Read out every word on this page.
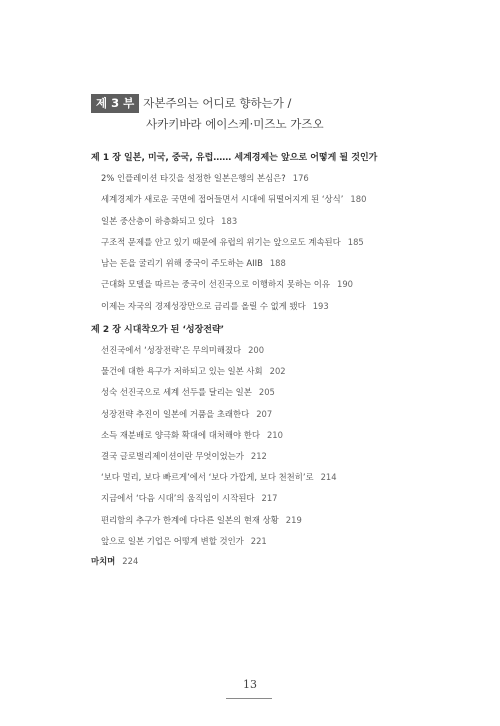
제 3 부 자본주의는 어디로 향하는가 /
사카키바라 에이스케·미즈노 가즈오
제 1 장 일본, 미국, 중국, 유럽…… 세계경제는 앞으로 어떻게 될 것인가
2% 인플레이션 타깃을 설정한 일본은행의 본심은? 176
세계경제가 새로운 국면에 접어들면서 시대에 뒤떨어지게 된 ‘상식’ 180
일본 중산층이 하층화되고 있다 183
구조적 문제를 안고 있기 때문에 유럽의 위기는 앞으로도 계속된다 185
남는 돈을 굴리기 위해 중국이 주도하는 AIIB 188
근대화 모델을 따르는 중국이 선진국으로 이행하지 못하는 이유 190
이제는 자국의 경제성장만으로 금리를 올릴 수 없게 됐다 193
제 2 장 시대착오가 된 ‘성장전략’
선진국에서 ‘성장전략’은 무의미해졌다 200
물건에 대한 욕구가 저하되고 있는 일본 사회 202
성숙 선진국으로 세계 선두를 달리는 일본 205
성장전략 추진이 일본에 거품을 초래한다 207
소득 재분배로 양극화 확대에 대처해야 한다 210
결국 글로벌리제이션이란 무엇이었는가 212
‘보다 멀리, 보다 빠르게’에서 ‘보다 가깝게, 보다 천천히’로 214
지금에서 ‘다음 시대’의 움직임이 시작된다 217
편리함의 추구가 한계에 다다른 일본의 현재 상황 219
앞으로 일본 기업은 어떻게 변할 것인가 221
마치며 224
13
